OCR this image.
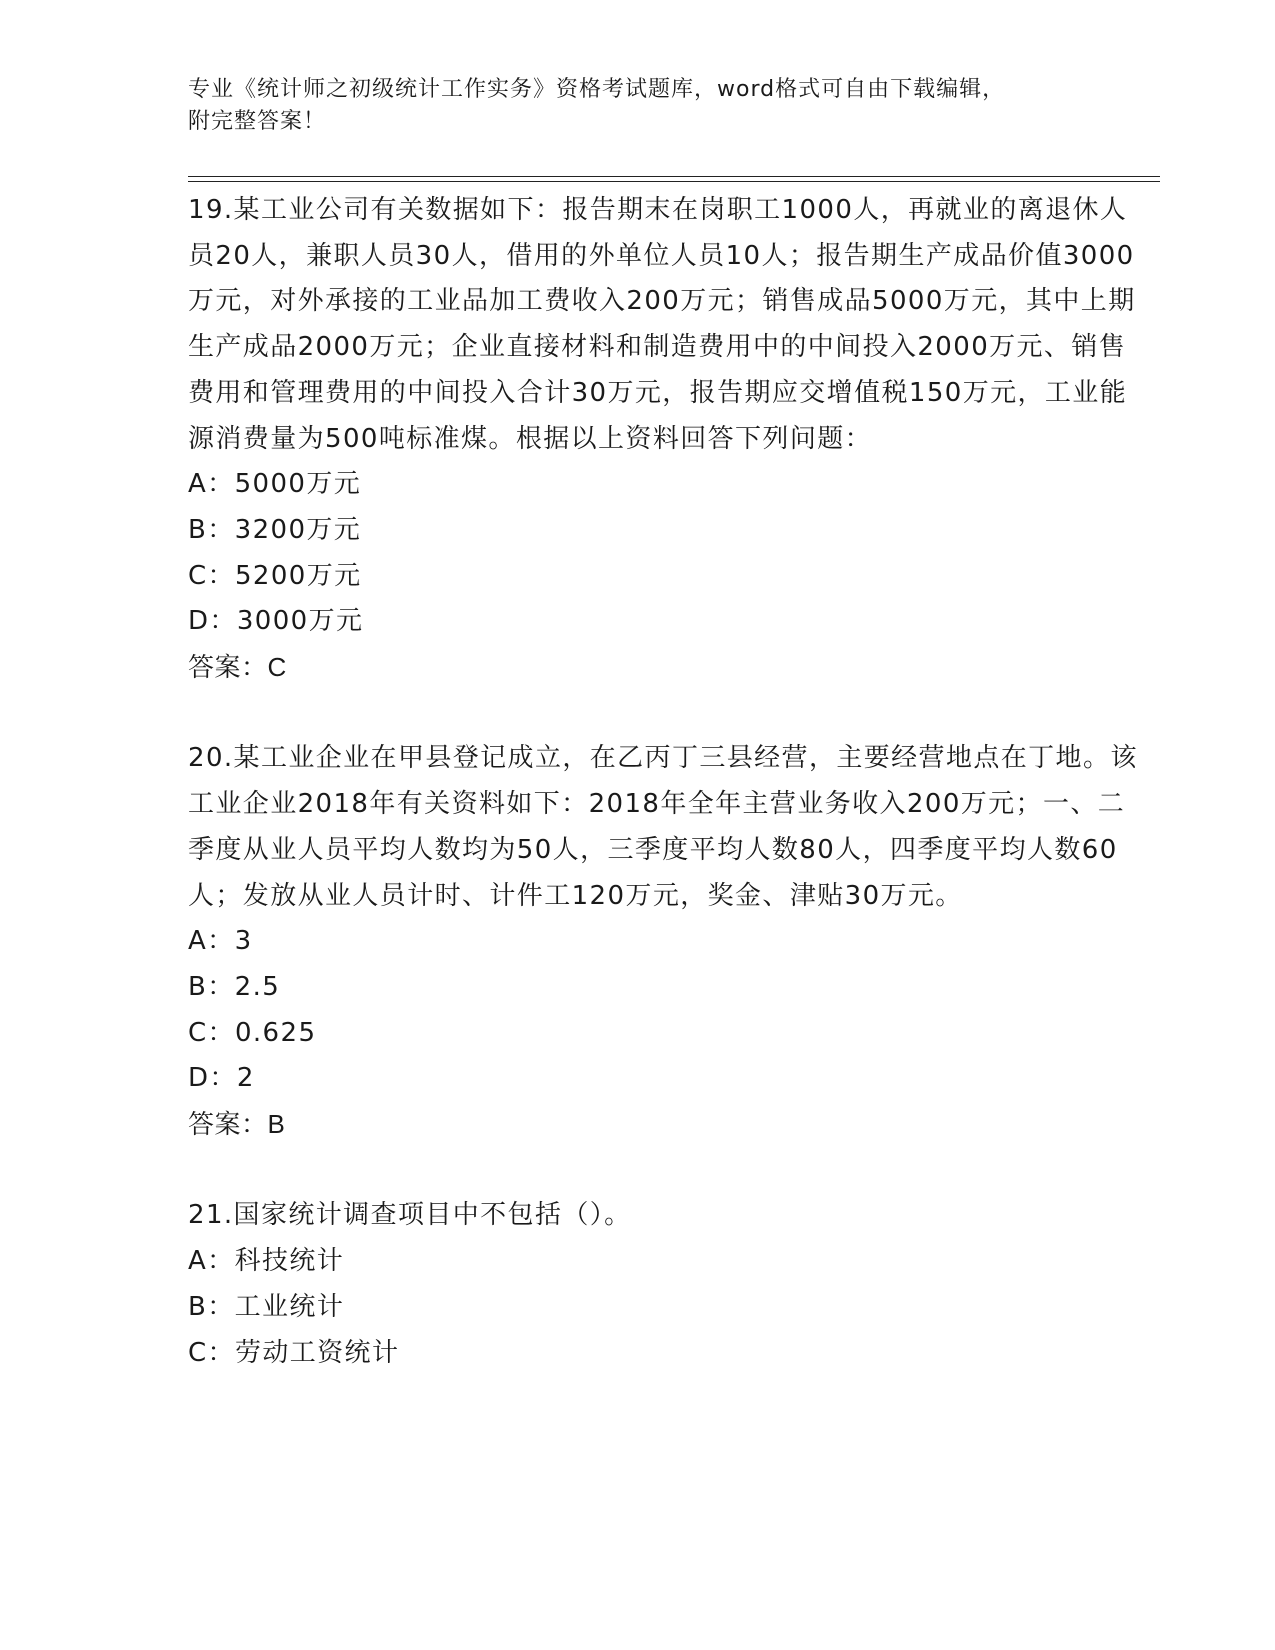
专业《统计师之初级统计工作实务》资格考试题库，word格式可自由下载编辑，
附完整答案！

19.某工业公司有关数据如下：报告期末在岗职工1000人，再就业的离退休人员20人，兼职人员30人，借用的外单位人员10人；报告期生产成品价值3000万元，对外承接的工业品加工费收入200万元；销售成品5000万元，其中上期生产成品2000万元；企业直接材料和制造费用中的中间投入2000万元、销售费用和管理费用的中间投入合计30万元，报告期应交增值税150万元，工业能源消费量为500吨标准煤。根据以上资料回答下列问题：

A：5000万元

B：3200万元

C：5200万元

D：3000万元

答案：C

20.某工业企业在甲县登记成立，在乙丙丁三县经营，主要经营地点在丁地。该工业企业2018年有关资料如下：2018年全年主营业务收入200万元；一、二季度从业人员平均人数均为50人，三季度平均人数80人，四季度平均人数60人；发放从业人员计时、计件工120万元，奖金、津贴30万元。

A：3

B：2.5

C：0.625

D：2

答案：B

21.国家统计调查项目中不包括（）。

A：科技统计

B：工业统计

C：劳动工资统计
